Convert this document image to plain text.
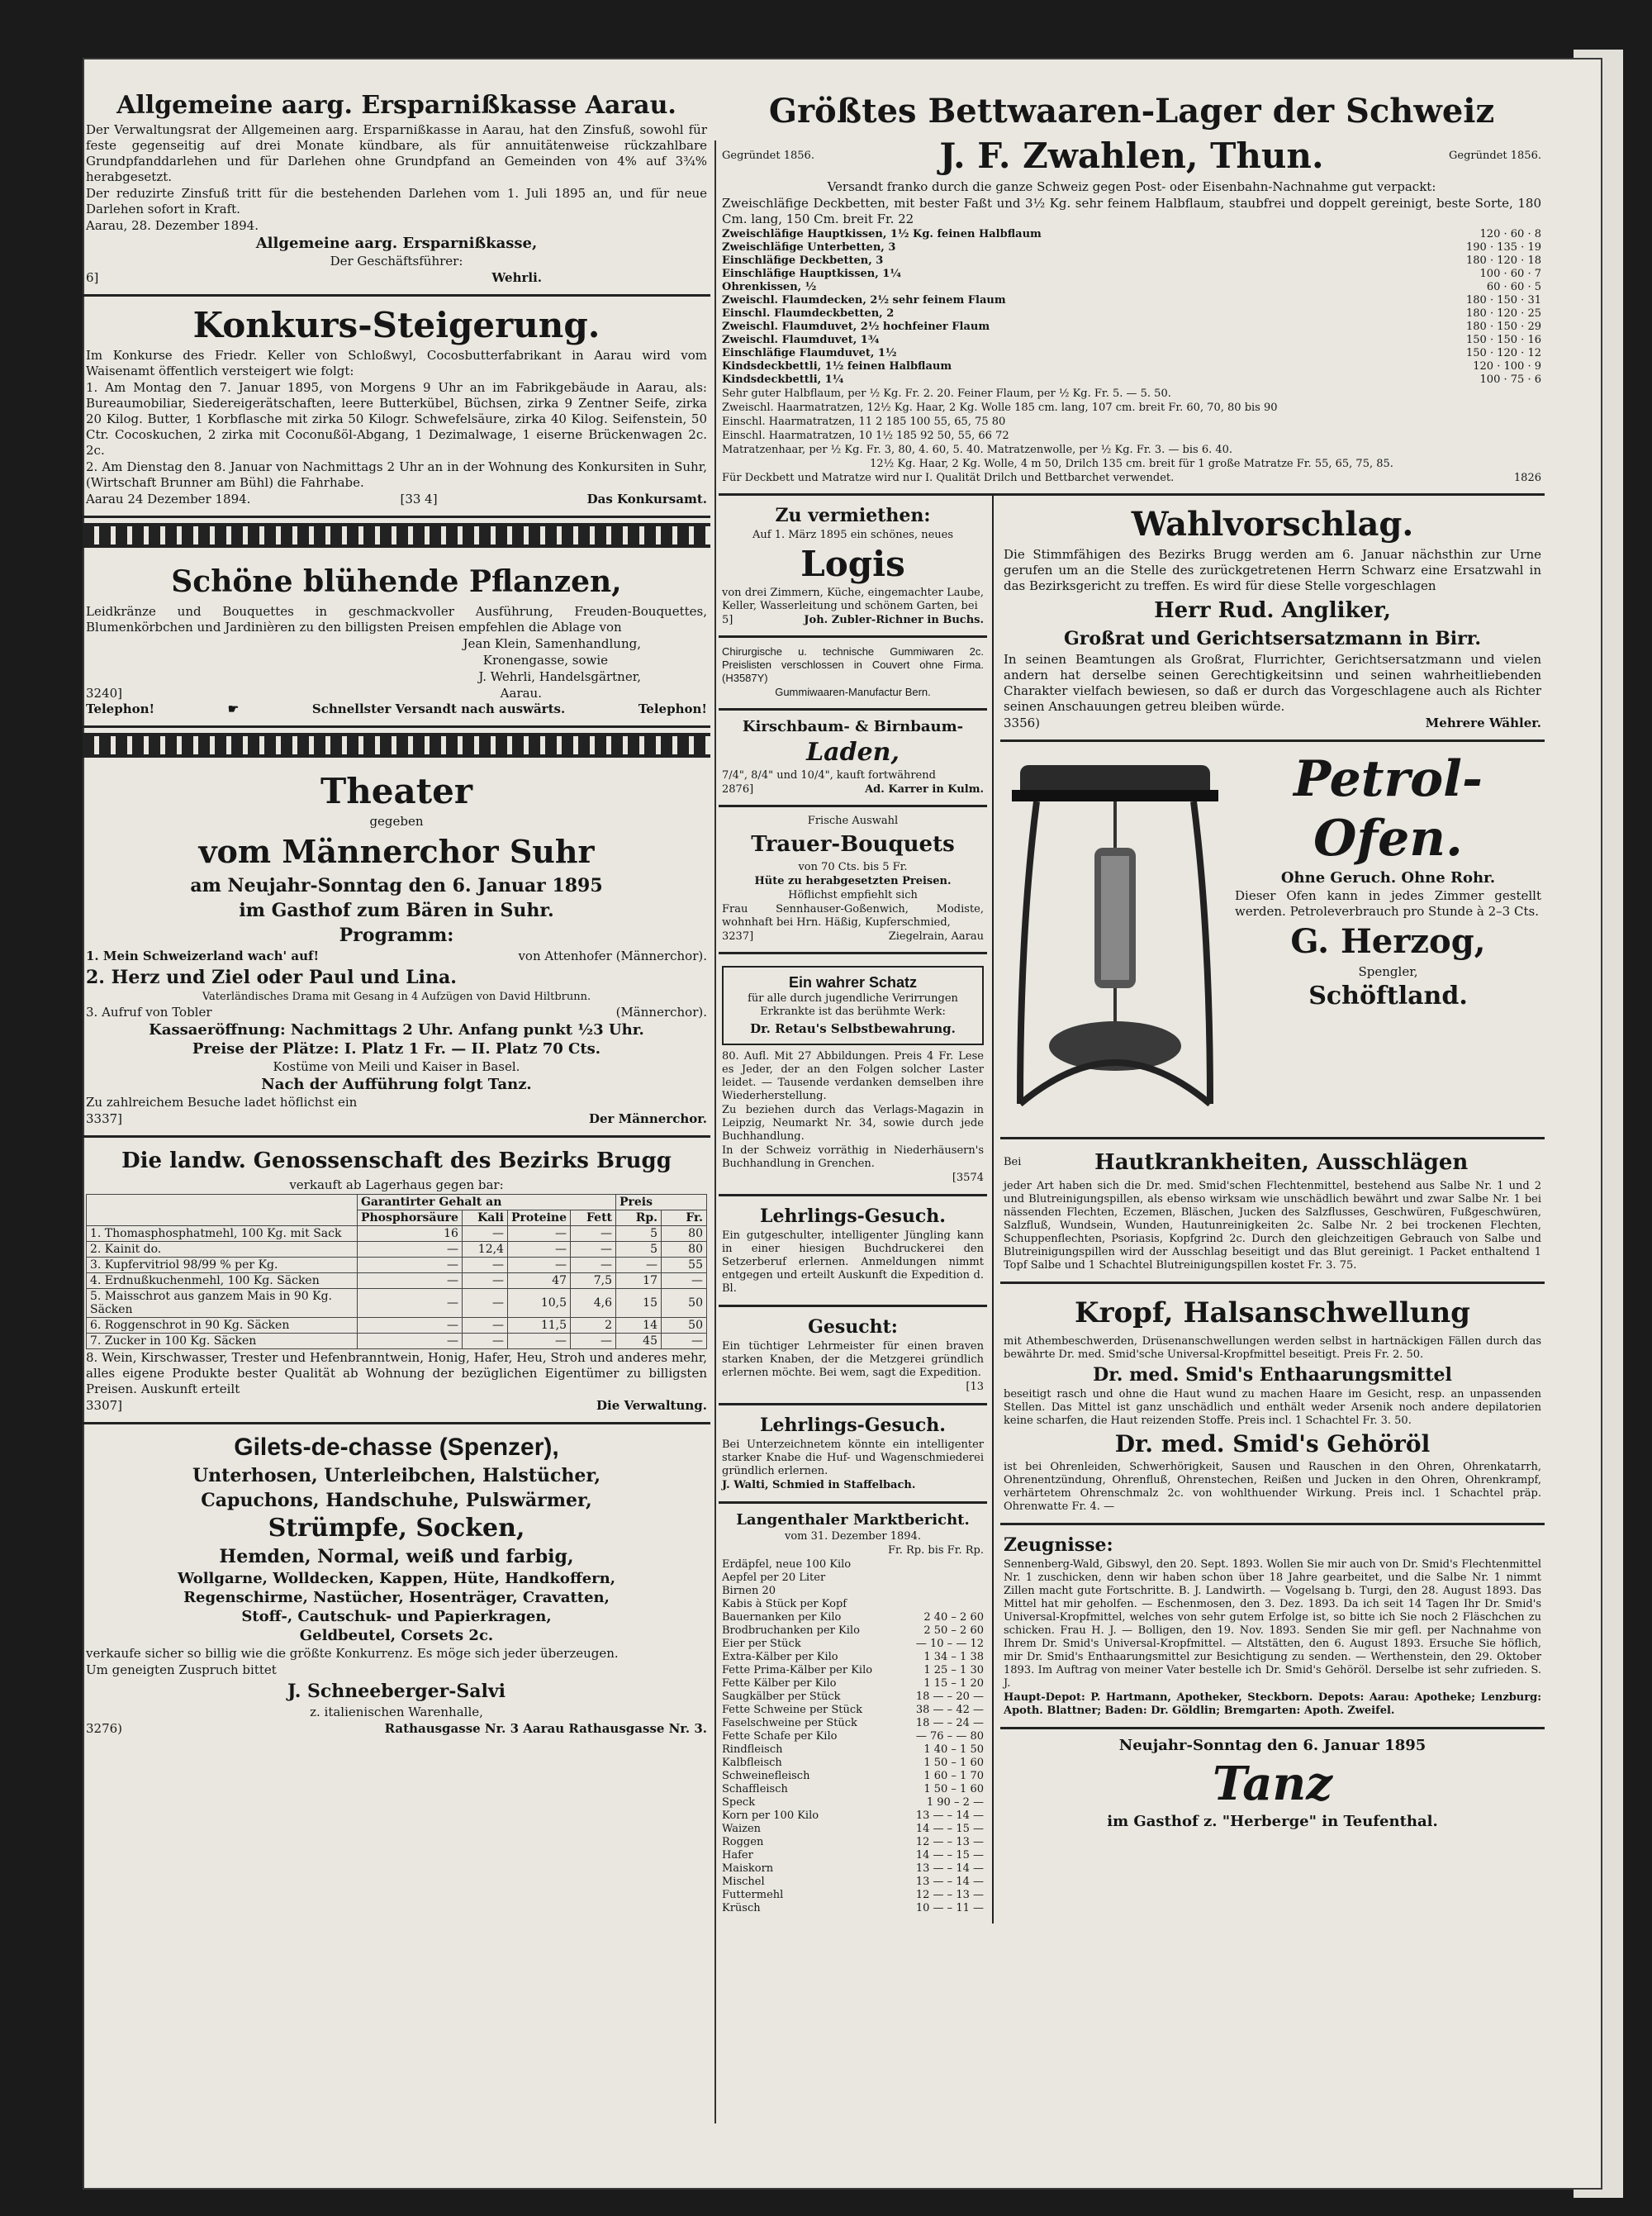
Allgemeine aarg. Ersparnißkasse Aarau.
Der Verwaltungsrat der Allgemeinen aarg. Ersparnißkasse in Aarau, hat den Zinsfuß, sowohl für feste gegenseitig auf drei Monate kündbare, als für annuitätenweise rückzahlbare Grundpfanddarlehen und für Darlehen ohne Grundpfand an Gemeinden von 4% auf 3¾% herabgesetzt.
Der reduzirte Zinsfuß tritt für die bestehenden Darlehen vom 1. Juli 1895 an, und für neue Darlehen sofort in Kraft.
Aarau, 28. Dezember 1894.
Allgemeine aarg. Ersparnißkasse,
Der Geschäftsführer:
6]	Wehrli.
Konkurs-Steigerung.
Im Konkurse des Friedr. Keller von Schloßwyl, Cocosbutterfabrikant in Aarau wird vom Waisenamt öffentlich versteigert wie folgt:
1. Am Montag den 7. Januar 1895, von Morgens 9 Uhr an im Fabrikgebäude in Aarau, als: Bureaumobiliar, Siedereigerätschaften, leere Butterkübel, Büchsen, zirka 9 Zentner Seife, zirka 20 Kilog. Butter, 1 Korbflasche mit zirka 50 Kilogr. Schwefelsäure, zirka 40 Kilog. Seifenstein, 50 Ctr. Cocoskuchen, 2 zirka mit Coconußöl-Abgang, 1 Dezimalwage, 1 eiserne Brückenwagen 2c. 2c.
2. Am Dienstag den 8. Januar von Nachmittags 2 Uhr an in der Wohnung des Konkursiten in Suhr, (Wirtschaft Brunner am Bühl) die Fahrhabe.
Aarau 24 Dezember 1894.	[33 4]	Das Konkursamt.
Schöne blühende Pflanzen,
Leidkränze und Bouquettes in geschmackvoller Ausführung, Freuden-Bouquettes, Blumenkörbchen und Jardinièren zu den billigsten Preisen empfehlen die Ablage von
Jean Klein, Samenhandlung,
Kronengasse, sowie
J. Wehrli, Handelsgärtner,
3240]	Aarau.
Telephon!	☛	Schnellster Versandt nach auswärts.	Telephon!
Theater
gegeben
vom Männerchor Suhr
am Neujahr-Sonntag den 6. Januar 1895
im Gasthof zum Bären in Suhr.
Programm:
1. Mein Schweizerland wach' auf!	von Attenhofer (Männerchor).
2. Herz und Ziel oder Paul und Lina.
Vaterländisches Drama mit Gesang in 4 Aufzügen von David Hiltbrunn.
3. Aufruf von Tobler	(Männerchor).
Kassaeröffnung: Nachmittags 2 Uhr. Anfang punkt ½3 Uhr.
Preise der Plätze: I. Platz 1 Fr. — II. Platz 70 Cts.
Kostüme von Meili und Kaiser in Basel.
Nach der Aufführung folgt Tanz.
Zu zahlreichem Besuche ladet höflichst ein
3337]	Der Männerchor.
Die landw. Genossenschaft des Bezirks Brugg
verkauft ab Lagerhaus gegen bar:
	Garantirter Gehalt an				Preis	
	Phosphorsäure	Kali	Proteine	Fett	Rp.	Fr.
1. Thomasphosphatmehl, 100 Kg. mit Sack	16	—	—	—	5	80
2. Kainit do.	—	12,4	—	—	5	80
3. Kupfervitriol 98/99 % per Kg.	—	—	—	—	—	55
4. Erdnußkuchenmehl, 100 Kg. Säcken	—	—	47	7,5	17	—
5. Maisschrot aus ganzem Mais in 90 Kg. Säcken	—	—	10,5	4,6	15	50
6. Roggenschrot in 90 Kg. Säcken	—	—	11,5	2	14	50
7. Zucker in 100 Kg. Säcken	—	—	—	—	45	—
8. Wein, Kirschwasser, Trester und Hefenbranntwein, Honig, Hafer, Heu, Stroh und anderes mehr, alles eigene Produkte bester Qualität ab Wohnung der bezüglichen Eigentümer zu billigsten Preisen. Auskunft erteilt
3307]	Die Verwaltung.
Gilets-de-chasse (Spenzer),
Unterhosen, Unterleibchen, Halstücher,
Capuchons, Handschuhe, Pulswärmer,
Strümpfe, Socken,
Hemden, Normal, weiß und farbig,
Wollgarne, Wolldecken, Kappen, Hüte, Handkoffern,
Regenschirme, Nastücher, Hosenträger, Cravatten,
Stoff-, Cautschuk- und Papierkragen,
Geldbeutel, Corsets 2c.
verkaufe sicher so billig wie die größte Konkurrenz. Es möge sich jeder überzeugen.
Um geneigten Zuspruch bittet
J. Schneeberger-Salvi
z. italienischen Warenhalle,
3276)	Rathausgasse Nr. 3 Aarau Rathausgasse Nr. 3.
Größtes Bettwaaren-Lager der Schweiz
Gegründet 1856.	J. F. Zwahlen, Thun.	Gegründet 1856.
Versandt franko durch die ganze Schweiz gegen Post- oder Eisenbahn-Nachnahme gut verpackt:
Zweischläfige Deckbetten, mit bester Faßt und 3½ Kg. sehr feinem Halbflaum, staubfrei und doppelt gereinigt, beste Sorte, 180 Cm. lang, 150 Cm. breit Fr. 22
Zweischläfige Hauptkissen, 1½ Kg. feinen Halbflaum	120 · 60 · 8
Zweischläfige Unterbetten, 3	190 · 135 · 19
Einschläfige Deckbetten, 3	180 · 120 · 18
Einschläfige Hauptkissen, 1¼	100 · 60 · 7
Ohrenkissen, ½	60 · 60 · 5
Zweischl. Flaumdecken, 2½ sehr feinem Flaum	180 · 150 · 31
Einschl. Flaumdeckbetten, 2	180 · 120 · 25
Zweischl. Flaumduvet, 2½ hochfeiner Flaum	180 · 150 · 29
Zweischl. Flaumduvet, 1¾	150 · 150 · 16
Einschläfige Flaumduvet, 1½	150 · 120 · 12
Kindsdeckbettli, 1½ feinen Halbflaum	120 · 100 · 9
Kindsdeckbettli, 1¼	100 · 75 · 6
Sehr guter Halbflaum, per ½ Kg. Fr. 2. 20. Feiner Flaum, per ½ Kg. Fr. 5. — 5. 50.
Zweischl. Haarmatratzen, 12½ Kg. Haar, 2 Kg. Wolle 185 cm. lang, 107 cm. breit Fr. 60, 70, 80 bis 90
Einschl. Haarmatratzen, 11 2 185 100 55, 65, 75 80
Einschl. Haarmatratzen, 10 1½ 185 92 50, 55, 66 72
Matratzenhaar, per ½ Kg. Fr. 3, 80, 4. 60, 5. 40. Matratzenwolle, per ½ Kg. Fr. 3. — bis 6. 40.
12½ Kg. Haar, 2 Kg. Wolle, 4 m 50, Drilch 135 cm. breit für 1 große Matratze Fr. 55, 65, 75, 85.
Für Deckbett und Matratze wird nur I. Qualität Drilch und Bettbarchet verwendet.	1826
Zu vermiethen:
Auf 1. März 1895 ein schönes, neues
Logis
von drei Zimmern, Küche, eingemachter Laube, Keller, Wasserleitung und schönem Garten, bei
5]	Joh. Zubler-Richner in Buchs.
Chirurgische u. technische Gummiwaren 2c. Preislisten verschlossen in Couvert ohne Firma. (H3587Y)
Gummiwaaren-Manufactur Bern.
Kirschbaum- & Birnbaum-
Laden,
7/4", 8/4" und 10/4", kauft fortwährend
2876]	Ad. Karrer in Kulm.
Frische Auswahl
Trauer-Bouquets
von 70 Cts. bis 5 Fr.
Hüte zu herabgesetzten Preisen.
Höflichst empfiehlt sich
Frau Sennhauser-Goßenwich, Modiste, wohnhaft bei Hrn. Häßig, Kupferschmied,
3237]	Ziegelrain, Aarau
Ein wahrer Schatz
für alle durch jugendliche Verirrungen Erkrankte ist das berühmte Werk:
Dr. Retau's Selbstbewahrung.
80. Aufl. Mit 27 Abbildungen. Preis 4 Fr. Lese es Jeder, der an den Folgen solcher Laster leidet. — Tausende verdanken demselben ihre Wiederherstellung.
Zu beziehen durch das Verlags-Magazin in Leipzig, Neumarkt Nr. 34, sowie durch jede Buchhandlung.
In der Schweiz vorräthig in Niederhäusern's Buchhandlung in Grenchen.
[3574
Lehrlings-Gesuch.
Ein gutgeschulter, intelligenter Jüngling kann in einer hiesigen Buchdruckerei den Setzerberuf erlernen. Anmeldungen nimmt entgegen und erteilt Auskunft die Expedition d. Bl.
Gesucht:
Ein tüchtiger Lehrmeister für einen braven starken Knaben, der die Metzgerei gründlich erlernen möchte. Bei wem, sagt die Expedition.
[13
Lehrlings-Gesuch.
Bei Unterzeichnetem könnte ein intelligenter starker Knabe die Huf- und Wagenschmiederei gründlich erlernen.
J. Walti, Schmied in Staffelbach.
Langenthaler Marktbericht.
vom 31. Dezember 1894.
Fr. Rp. bis Fr. Rp.
Erdäpfel, neue 100 Kilo
Aepfel per 20 Liter
Birnen 20
Kabis à Stück per Kopf
Bauernanken per Kilo	2 40 – 2 60
Brodbruchanken per Kilo	2 50 – 2 60
Eier per Stück	— 10 – — 12
Extra-Kälber per Kilo	1 34 – 1 38
Fette Prima-Kälber per Kilo	1 25 – 1 30
Fette Kälber per Kilo	1 15 – 1 20
Saugkälber per Stück	18 — – 20 —
Fette Schweine per Stück	38 — – 42 —
Faselschweine per Stück	18 — – 24 —
Fette Schafe per Kilo	— 76 – — 80
Rindfleisch	1 40 – 1 50
Kalbfleisch	1 50 – 1 60
Schweinefleisch	1 60 – 1 70
Schaffleisch	1 50 – 1 60
Speck	1 90 – 2 —
Korn per 100 Kilo	13 — – 14 —
Waizen	14 — – 15 —
Roggen	12 — – 13 —
Hafer	14 — – 15 —
Maiskorn	13 — – 14 —
Mischel	13 — – 14 —
Futtermehl	12 — – 13 —
Krüsch	10 — – 11 —
Wahlvorschlag.
Die Stimmfähigen des Bezirks Brugg werden am 6. Januar nächsthin zur Urne gerufen um an die Stelle des zurückgetretenen Herrn Schwarz eine Ersatzwahl in das Bezirksgericht zu treffen. Es wird für diese Stelle vorgeschlagen
Herr Rud. Angliker,
Großrat und Gerichtsersatzmann in Birr.
In seinen Beamtungen als Großrat, Flurrichter, Gerichtsersatzmann und vielen andern hat derselbe seinen Gerechtigkeitsinn und seinen wahrheitliebenden Charakter vielfach bewiesen, so daß er durch das Vorgeschlagene auch als Richter seinen Anschauungen getreu bleiben würde.
3356)	Mehrere Wähler.
Petrol-
Ofen.
Ohne Geruch. Ohne Rohr.
Dieser Ofen kann in jedes Zimmer gestellt werden. Petroleverbrauch pro Stunde à 2–3 Cts.
G. Herzog,
Spengler,
Schöftland.
Bei	Hautkrankheiten, Ausschlägen
jeder Art haben sich die Dr. med. Smid'schen Flechtenmittel, bestehend aus Salbe Nr. 1 und 2 und Blutreinigungspillen, als ebenso wirksam wie unschädlich bewährt und zwar Salbe Nr. 1 bei nässenden Flechten, Eczemen, Bläschen, Jucken des Salzflusses, Geschwüren, Fußgeschwüren, Salzfluß, Wundsein, Wunden, Hautunreinigkeiten 2c. Salbe Nr. 2 bei trockenen Flechten, Schuppenflechten, Psoriasis, Kopfgrind 2c. Durch den gleichzeitigen Gebrauch von Salbe und Blutreinigungspillen wird der Ausschlag beseitigt und das Blut gereinigt. 1 Packet enthaltend 1 Topf Salbe und 1 Schachtel Blutreinigungspillen kostet Fr. 3. 75.
Kropf, Halsanschwellung
mit Athembeschwerden, Drüsenanschwellungen werden selbst in hartnäckigen Fällen durch das bewährte Dr. med. Smid'sche Universal-Kropfmittel beseitigt. Preis Fr. 2. 50.
Dr. med. Smid's Enthaarungsmittel
beseitigt rasch und ohne die Haut wund zu machen Haare im Gesicht, resp. an unpassenden Stellen. Das Mittel ist ganz unschädlich und enthält weder Arsenik noch andere depilatorien keine scharfen, die Haut reizenden Stoffe. Preis incl. 1 Schachtel Fr. 3. 50.
Dr. med. Smid's Gehöröl
ist bei Ohrenleiden, Schwerhörigkeit, Sausen und Rauschen in den Ohren, Ohrenkatarrh, Ohrenentzündung, Ohrenfluß, Ohrenstechen, Reißen und Jucken in den Ohren, Ohrenkrampf, verhärtetem Ohrenschmalz 2c. von wohlthuender Wirkung. Preis incl. 1 Schachtel präp. Ohrenwatte Fr. 4. —
Zeugnisse:
Sennenberg-Wald, Gibswyl, den 20. Sept. 1893. Wollen Sie mir auch von Dr. Smid's Flechtenmittel Nr. 1 zuschicken, denn wir haben schon über 18 Jahre gearbeitet, und die Salbe Nr. 1 nimmt Zillen macht gute Fortschritte. B. J. Landwirth. — Vogelsang b. Turgi, den 28. August 1893. Das Mittel hat mir geholfen. — Eschenmosen, den 3. Dez. 1893. Da ich seit 14 Tagen Ihr Dr. Smid's Universal-Kropfmittel, welches von sehr gutem Erfolge ist, so bitte ich Sie noch 2 Fläschchen zu schicken. Frau H. J. — Bolligen, den 19. Nov. 1893. Senden Sie mir gefl. per Nachnahme von Ihrem Dr. Smid's Universal-Kropfmittel. — Altstätten, den 6. August 1893. Ersuche Sie höflich, mir Dr. Smid's Enthaarungsmittel zur Besichtigung zu senden. — Werthenstein, den 29. Oktober 1893. Im Auftrag von meiner Vater bestelle ich Dr. Smid's Gehöröl. Derselbe ist sehr zufrieden. S. J.
Haupt-Depot: P. Hartmann, Apotheker, Steckborn. Depots: Aarau: Apotheke; Lenzburg: Apoth. Blattner; Baden: Dr. Göldlin; Bremgarten: Apoth. Zweifel.
Neujahr-Sonntag den 6. Januar 1895
Tanz
im Gasthof z. "Herberge" in Teufenthal.
